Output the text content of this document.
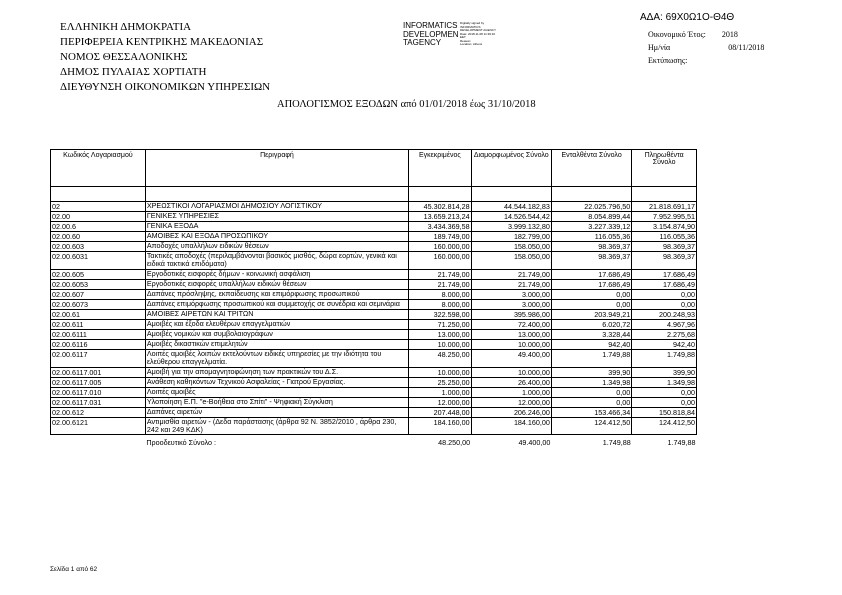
ΕΛΛΗΝΙΚΗ ΔΗΜΟΚΡΑΤΙΑ
ΠΕΡΙΦΕΡΕΙΑ ΚΕΝΤΡΙΚΗΣ ΜΑΚΕΔΟΝΙΑΣ
ΝΟΜΟΣ ΘΕΣΣΑΛΟΝΙΚΗΣ
ΔΗΜΟΣ ΠΥΛΑΙΑΣ ΧΟΡΤΙΑΤΗ
ΔΙΕΥΘΥΝΣΗ ΟΙΚΟΝΟΜΙΚΩΝ ΥΠΗΡΕΣΙΩΝ
INFORMATICS
DEVELOPMEN
TAGENCY
Digitally signed by
INFORMATICS
DEVELOPMENT AGENCY
Date: 2018.11.08 11:39:10
EET
Reason:
Location: Athens
ΑΔΑ: 69Χ0Ω1Ο-Θ4Θ
Οικονομικό Έτος: 2018
Ημ/νία	08/11/2018
Εκτύπωσης:
ΑΠΟΛΟΓΙΣΜΟΣ ΕΞΟΔΩΝ από 01/01/2018 έως 31/10/2018
Κωδικός Λογαριασμού	Περιγραφή	Εγκεκριμένος	Διαμορφωμένος Σύνολο	Ενταλθέντα Σύνολο	Πληρωθέντα Σύνολο

02	ΧΡΕΩΣΤΙΚΟΙ ΛΟΓΑΡΙΑΣΜΟΙ ΔΗΜΟΣΙΟΥ ΛΟΓΙΣΤΙΚΟΥ	45.302.814,28	44.544.182,83	22.025.796,50	21.818.691,17
02.00	ΓΕΝΙΚΕΣ ΥΠΗΡΕΣΙΕΣ	13.659.213,24	14.526.544,42	8.054.899,44	7.952.995,51
02.00.6	ΓΕΝΙΚΑ ΕΞΟΔΑ	3.434.369,58	3.999.132,80	3.227.339,12	3.154.874,90
02.00.60	ΑΜΟΙΒΕΣ ΚΑΙ ΕΞΟΔΑ ΠΡΟΣΩΠΙΚΟΥ	189.749,00	182.799,00	116.055,36	116.055,36
02.00.603	Αποδοχές υπαλλήλων ειδικών θέσεων	160.000,00	158.050,00	98.369,37	98.369,37
02.00.6031	Τακτικές αποδοχές (περιλαμβάνονται βασικός μισθός, δώρα εορτών, γενικά και ειδικά τακτικά επιδόματα)	160.000,00	158.050,00	98.369,37	98.369,37
02.00.605	Εργοδοτικές εισφορές δήμων - κοινωνική ασφάλιση	21.749,00	21.749,00	17.686,49	17.686,49
02.00.6053	Εργοδοτικές εισφορές υπαλλήλων ειδικών θέσεων	21.749,00	21.749,00	17.686,49	17.686,49
02.00.607	Δαπάνες πρόσληψης, εκπαίδευσης και επιμόρφωσης προσωπικού	8.000,00	3.000,00	0,00	0,00
02.00.6073	Δαπάνες επιμόρφωσης προσωπικού και συμμετοχής σε συνέδρια και σεμινάρια	8.000,00	3.000,00	0,00	0,00
02.00.61	ΑΜΟΙΒΕΣ ΑΙΡΕΤΩΝ ΚΑΙ ΤΡΙΤΩΝ	322.598,00	395.986,00	203.949,21	200.248,93
02.00.611	Αμοιβές και έξοδα ελευθέρων επαγγελματιών	71.250,00	72.400,00	6.020,72	4.967,96
02.00.6111	Αμοιβές νομικών και συμβολαιογράφων	13.000,00	13.000,00	3.328,44	2.275,68
02.00.6116	Αμοιβές δικαστικών επιμελητών	10.000,00	10.000,00	942,40	942,40
02.00.6117	Λοιπές αμοιβές λοιπών εκτελούντων ειδικές υπηρεσίες με την ιδιότητα του ελεύθερου επαγγελματία.	48.250,00	49.400,00	1.749,88	1.749,88
02.00.6117.001	Αμοιβή για την απομαγνητοφώνηση των πρακτικών του Δ.Σ.	10.000,00	10.000,00	399,90	399,90
02.00.6117.005	Ανάθεση καθηκόντων Τεχνικού Ασφαλείας - Γιατρού Εργασίας.	25.250,00	26.400,00	1.349,98	1.349,98
02.00.6117.010	Λοιπές αμοιβές	1.000,00	1.000,00	0,00	0,00
02.00.6117.031	Υλοποίηση Ε.Π. "e-Βοήθεια στο Σπίτι" - Ψηφιακή Σύγκλιση	12.000,00	12.000,00	0,00	0,00
02.00.612	Δαπάνες αιρετών	207.448,00	206.246,00	153.466,34	150.818,84
02.00.6121	Αντιμισθία αιρετών - (Δεδα παράστασης (άρθρα 92 Ν. 3852/2010 , άρθρα 230, 242 και 249 ΚΔΚ)	184.160,00	184.160,00	124.412,50	124.412,50
	Προοδευτικό Σύνολο :	48.250,00	49.400,00	1.749,88	1.749,88
Σελίδα 1 από 62
